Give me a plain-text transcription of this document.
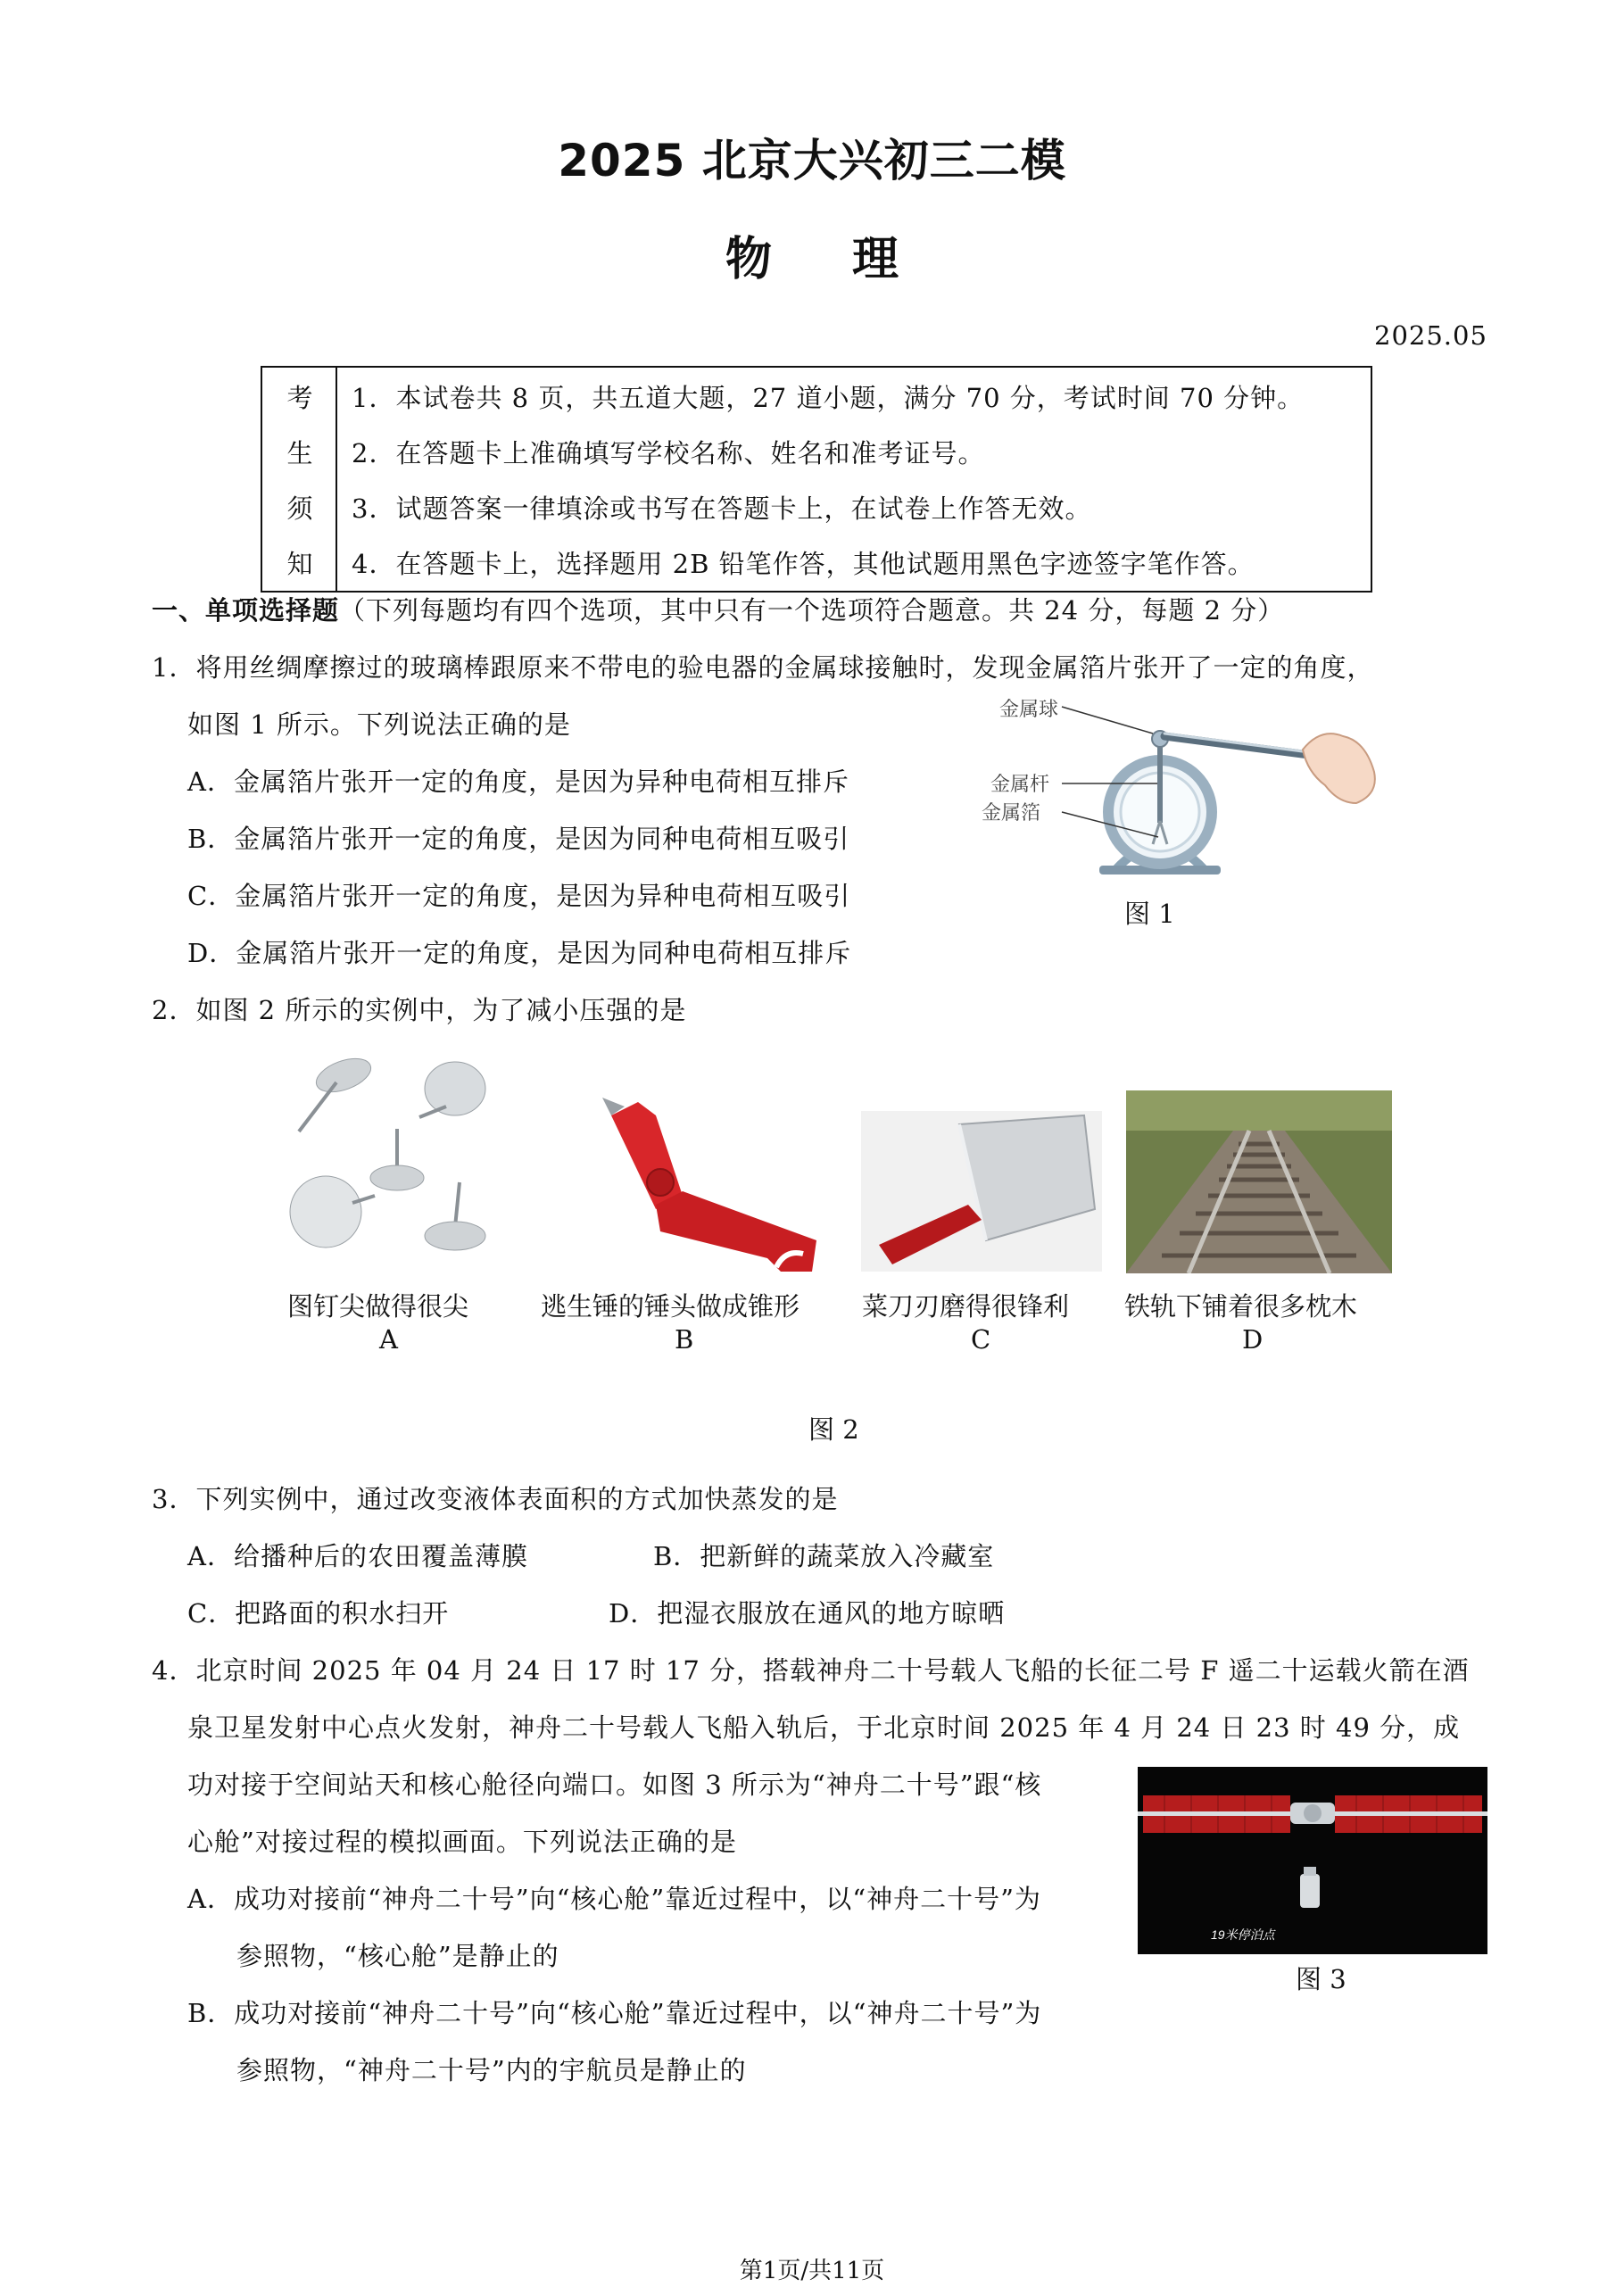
2025 北京大兴初三二模
物理
2025.05
考
生
须
知
1．本试卷共 8 页，共五道大题，27 道小题，满分 70 分，考试时间 70 分钟。
2．在答题卡上准确填写学校名称、姓名和准考证号。
3．试题答案一律填涂或书写在答题卡上，在试卷上作答无效。
4．在答题卡上，选择题用 2B 铅笔作答，其他试题用黑色字迹签字笔作答。
一、单项选择题（下列每题均有四个选项，其中只有一个选项符合题意。共 24 分，每题 2 分）
1．将用丝绸摩擦过的玻璃棒跟原来不带电的验电器的金属球接触时，发现金属箔片张开了一定的角度，
如图 1 所示。下列说法正确的是
A．金属箔片张开一定的角度，是因为异种电荷相互排斥
B．金属箔片张开一定的角度，是因为同种电荷相互吸引
C．金属箔片张开一定的角度，是因为异种电荷相互吸引
D．金属箔片张开一定的角度，是因为同种电荷相互排斥
金属球
金属杆
金属箔
图 1
2．如图 2 所示的实例中，为了减小压强的是
图钉尖做得很尖
A
逃生锤的锤头做成锥形
B
菜刀刃磨得很锋利
C
铁轨下铺着很多枕木
D
图 2
3．下列实例中，通过改变液体表面积的方式加快蒸发的是
A．给播种后的农田覆盖薄膜	B．把新鲜的蔬菜放入冷藏室
C．把路面的积水扫开	D．把湿衣服放在通风的地方晾晒
4．北京时间 2025 年 04 月 24 日 17 时 17 分，搭载神舟二十号载人飞船的长征二号 F 遥二十运载火箭在酒
泉卫星发射中心点火发射，神舟二十号载人飞船入轨后，于北京时间 2025 年 4 月 24 日 23 时 49 分，成
功对接于空间站天和核心舱径向端口。如图 3 所示为“神舟二十号”跟“核
心舱”对接过程的模拟画面。下列说法正确的是
A．成功对接前“神舟二十号”向“核心舱”靠近过程中，以“神舟二十号”为
参照物，“核心舱”是静止的
B．成功对接前“神舟二十号”向“核心舱”靠近过程中，以“神舟二十号”为
参照物，“神舟二十号”内的宇航员是静止的
19米停泊点
图 3
第1页/共11页
